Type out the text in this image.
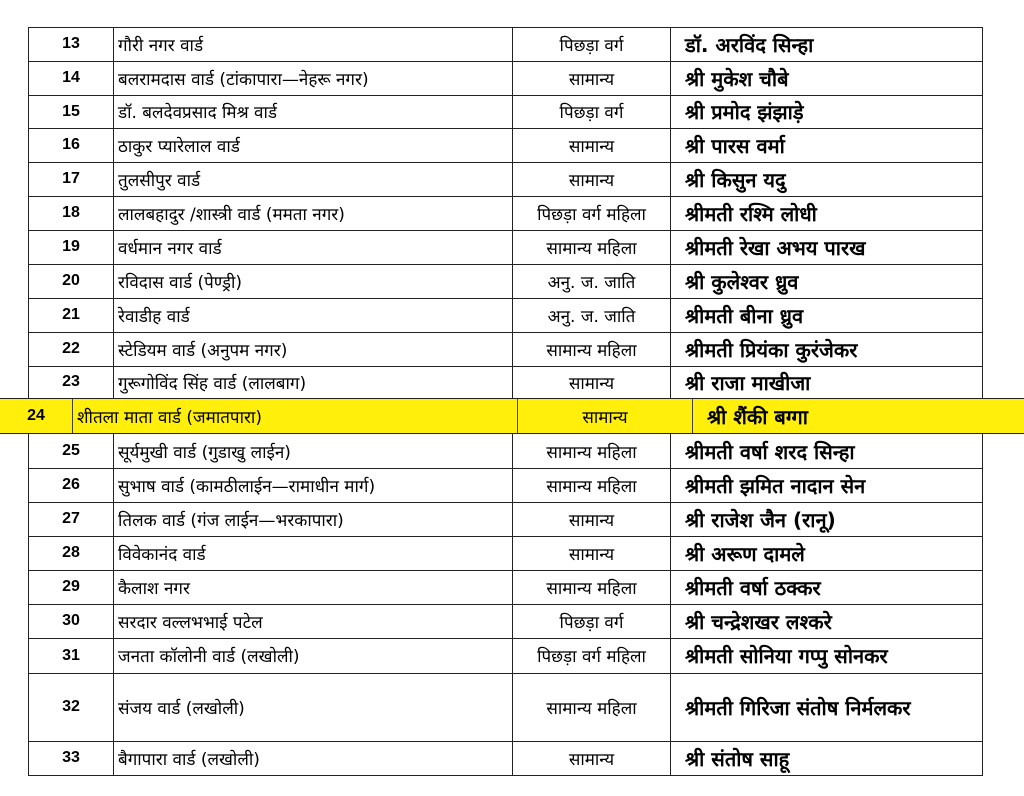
13	गौरी नगर वार्ड	पिछड़ा वर्ग	डॉ. अरविंद सिन्हा
14	बलरामदास वार्ड (टांकापारा—नेहरू नगर)	सामान्य	श्री मुकेश चौबे
15	डॉ. बलदेवप्रसाद मिश्र वार्ड	पिछड़ा वर्ग	श्री प्रमोद झंझाड़े
16	ठाकुर प्यारेलाल वार्ड	सामान्य	श्री पारस वर्मा
17	तुलसीपुर वार्ड	सामान्य	श्री किसुन यदु
18	लालबहादुर /शास्त्री वार्ड (ममता नगर)	पिछड़ा वर्ग महिला	श्रीमती रश्मि लोधी
19	वर्धमान नगर वार्ड	सामान्य महिला	श्रीमती रेखा अभय पारख
20	रविदास वार्ड (पेण्ड्री)	अनु. ज. जाति	श्री कुलेश्वर ध्रुव
21	रेवाडीह वार्ड	अनु. ज. जाति	श्रीमती बीना ध्रुव
22	स्टेडियम वार्ड (अनुपम नगर)	सामान्य महिला	श्रीमती प्रियंका कुरंजेकर
23	गुरूगोविंद सिंह वार्ड (लालबाग)	सामान्य	श्री राजा माखीजा
24	शीतला माता वार्ड (जमातपारा)	सामान्य	श्री शैंकी बग्गा
25	सूर्यमुखी वार्ड (गुडाखु लाईन)	सामान्य महिला	श्रीमती वर्षा शरद सिन्हा
26	सुभाष वार्ड (कामठीलाईन—रामाधीन मार्ग)	सामान्य महिला	श्रीमती झमित नादान सेन
27	तिलक वार्ड (गंज लाईन—भरकापारा)	सामान्य	श्री राजेश जैन (रानू)
28	विवेकानंद वार्ड	सामान्य	श्री अरूण दामले
29	कैलाश नगर	सामान्य महिला	श्रीमती वर्षा ठक्कर
30	सरदार वल्लभभाई पटेल	पिछड़ा वर्ग	श्री चन्द्रेशखर लश्करे
31	जनता कॉलोनी वार्ड (लखोली)	पिछड़ा वर्ग महिला	श्रीमती सोनिया गप्पु सोनकर
32	संजय वार्ड (लखोली)	सामान्य महिला	श्रीमती गिरिजा संतोष निर्मलकर
33	बैगापारा वार्ड (लखोली)	सामान्य	श्री संतोष साहू
